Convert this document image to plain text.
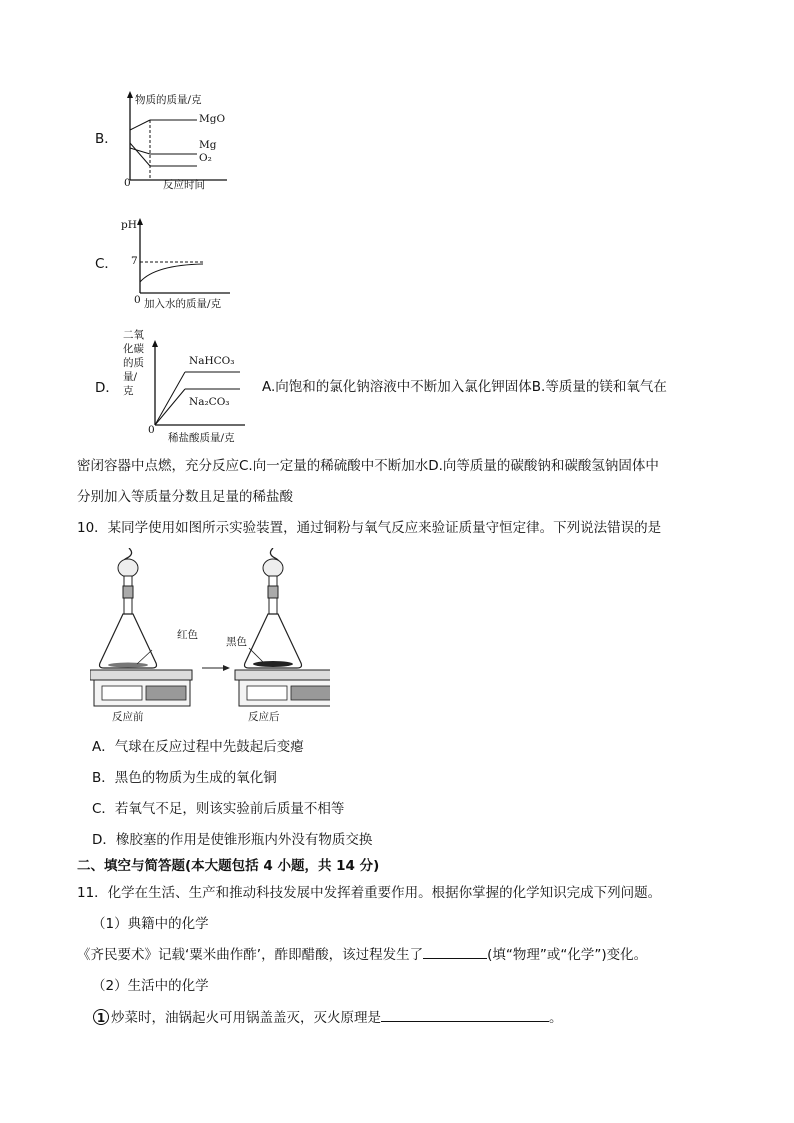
B．
物质的质量/克
MgO
Mg
O₂
0	反应时间
C．
pH
7
0 加入水的质量/克
D．
二氧
化碳
的质
量/
克
NaHCO₃
Na₂CO₃
0
稀盐酸质量/克
A.向饱和的氯化钠溶液中不断加入氯化钾固体B.等质量的镁和氧气在
密闭容器中点燃，充分反应C.向一定量的稀硫酸中不断加水D.向等质量的碳酸钠和碳酸氢钠固体中
分别加入等质量分数且足量的稀盐酸
10．某同学使用如图所示实验装置，通过铜粉与氧气反应来验证质量守恒定律。下列说法错误的是
红色
黑色
反应前	反应后
A．气球在反应过程中先鼓起后变瘪
B．黑色的物质为生成的氧化铜
C．若氧气不足，则该实验前后质量不相等
D．橡胶塞的作用是使锥形瓶内外没有物质交换
二、填空与简答题(本大题包括 4 小题，共 14 分)
11．化学在生活、生产和推动科技发展中发挥着重要作用。根据你掌握的化学知识完成下列问题。
（1）典籍中的化学
《齐民要术》记载‘粟米曲作酢’，酢即醋酸，该过程发生了	(填“物理”或“化学”)变化。
（2）生活中的化学
1 炒菜时，油锅起火可用锅盖盖灭，灭火原理是	。
